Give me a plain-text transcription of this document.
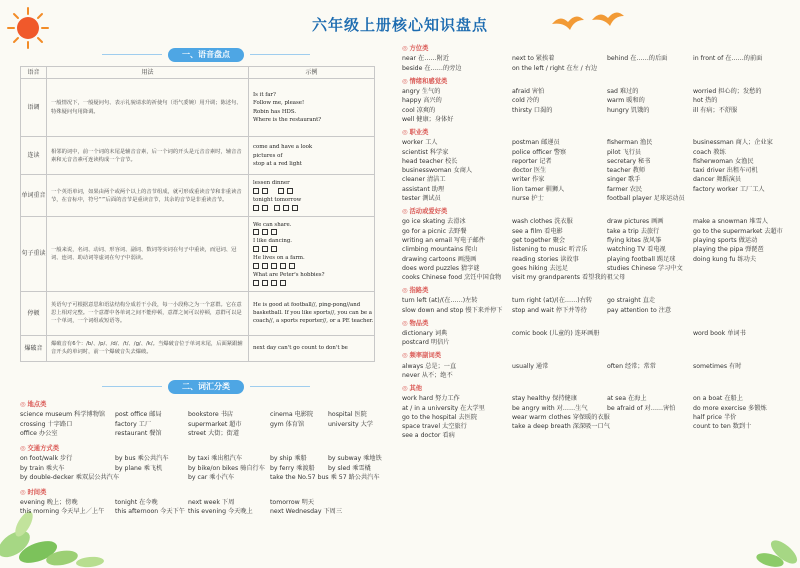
六年级上册核心知识盘点
一、语音盘点
语音	用法	示例
语调	一般情况下，一般疑问句、表示礼貌请求的祈使句（语气委婉）用升调；陈述句、特殊疑问句用降调。	Is it far?
Follow me, please!
Robin has HDS.
Where is the restaurant?

连读	相邻的词中，前一个词的末尾是辅音音素，后一个词的开头是元音音素时，辅音音素和元音音素可连读构成一个音节。	come and have a look
pictures of
stop at a red light

单词重音	一个英语单词，如果由两个或两个以上的音节组成，就可形成重读音节和非重读音节，在音标中，符号“ˈ”后面的音节是重读音节，其余的音节是非重读音节。	lessen dinner

tonight tomorrow

句子重读	一般来说，名词、动词、形容词、副词、数词等实词在句子中重读，而冠词、冠词、连词、助动词等虚词在句子中弱读。	We can share.
I like dancing.
He lives on a farm.
What are Peter's hobbies?

停顿	英语句子可根据意思和语法结构分成若干小段，每一小段称之为一个意群。它在意思上相对完整。一个意群中各单词之间不能停顿，意群之间可以停顿，意群可以是一个单词，一个词组或短语等。	He is good at football//, ping-pong//and
basketball. If you like sports//, you can be a
coach//, a sports reporter//, or a PE teacher.

爆破音	爆破音有6个：/b/、/p/、/d/、/t/、/g/、/k/。当爆破音位于单词末尾，后面紧跟辅音开头的单词时，前一个爆破音失去爆破。	next day can't go count to don't be
二、词汇分类
◎ 地点类
science museum 科学博物馆	post office 邮局	bookstore 书店	cinema 电影院	hospital 医院
crossing 十字路口	factory 工厂	supermarket 超市	gym 体育馆	university 大学
office 办公室	restaurant 餐馆	street 大街；街道
◎ 交通方式类
on foot/walk 步行	by bus 乘公共汽车	by taxi 乘出租汽车	by ship 乘船	by subway 乘地铁
by train 乘火车	by plane 乘飞机	by bike/on bikes 骑自行车 by ferry 乘渡船	by sled 乘雪橇
by double-decker 乘双层公共汽车	by car 乘小汽车	take the No.57 bus 乘 57 路公共汽车
◎ 时间类
evening 晚上；傍晚	tonight 在今晚	next week 下周	tomorrow 明天
this morning 今天早上／上午	this afternoon 今天下午 this evening 今天晚上	next Wednesday 下周三
◎ 方位类
near 在……附近	next to 紧挨着	behind 在……的后面	in front of 在……的前面
beside 在……的旁边	on the left / right 在左 / 右边
◎ 情绪和感觉类
angry 生气的	afraid 害怕	sad 难过的	worried 担心的；发愁的
happy 高兴的	cold 冷的	warm 暖和的	hot 热的
cool 凉爽的	thirsty 口渴的	hungry 饥饿的	ill 有病；不舒服
well 健康；身体好
◎ 职业类
worker 工人	postman 邮递员	fisherman 渔民	businessman 商人；企业家
scientist 科学家	police officer 警察	pilot 飞行员	coach 教练
head teacher 校长	reporter 记者	secretary 秘书	fisherwoman 女渔民
businesswoman 女商人	doctor 医生	teacher 教师	taxi driver 出租车司机
cleaner 清洁工	writer 作家	singer 歌手	dancer 舞蹈演员
assistant 助理	lion tamer 驯狮人	farmer 农民	factory worker 工厂工人
tester 测试员	nurse 护士	football player 足球运动员
◎ 活动或爱好类
go ice skating 去滑冰	wash clothes 洗衣服	draw pictures 画画	make a snowman 堆雪人
go for a picnic 去野餐	see a film 看电影	take a trip 去旅行	go to the supermarket 去超市
writing an email 写电子邮件	get together 聚会	flying kites 放风筝	playing sports 做运动
climbing mountains 爬山	listening to music 听音乐	watching TV 看电视	playing the pipa 弹琵琶
drawing cartoons 画漫画	reading stories 读故事	playing football 踢足球	doing kung fu 练功夫
does word puzzles 猜字谜	goes hiking 去远足	studies Chinese 学习中文
cooks Chinese food 烹饪中国食物	visit my grandparents 看望我的祖父母
◎ 指路类
turn left (at)/(在……)左转	turn right (at)/(在……)右转	go straight 直走
slow down and stop 慢下来并停下	stop and wait 停下并等待	pay attention to 注意
◎ 物品类
dictionary 词典	comic book (儿童的) 连环画册	word book 单词书
postcard 明信片
◎ 频率副词类
always 总是；一直	usually 通常	often 经常；常常	sometimes 有时
never 从不；绝不
◎ 其他
work hard 努力工作	stay healthy 保持健康	at sea 在海上	on a boat 在船上
at / in a university 在大学里	be angry with 对……生气	be afraid of 对……害怕	do more exercise 多锻炼
go to the hospital 去医院	wear warm clothes 穿保暖的衣服	half price 半价
space travel 太空旅行	take a deep breath 深深吸一口气	count to ten 数到十
see a doctor 看病
